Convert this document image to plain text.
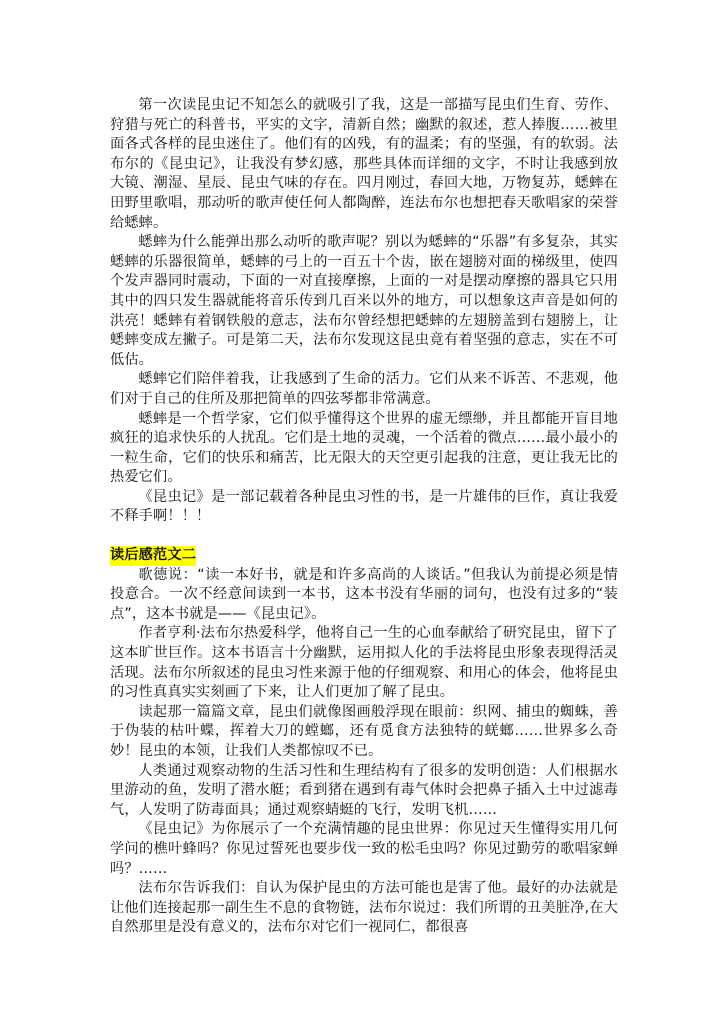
第一次读昆虫记不知怎么的就吸引了我，这是一部描写昆虫们生育、劳作、狩猎与死亡的科普书，平实的文字，清新自然；幽默的叙述，惹人捧腹……被里面各式各样的昆虫迷住了。他们有的凶残，有的温柔；有的坚强，有的软弱。法布尔的《昆虫记》，让我没有梦幻感，那些具体而详细的文字，不时让我感到放大镜、潮湿、星辰、昆虫气味的存在。四月刚过，春回大地，万物复苏，蟋蟀在田野里歌唱，那动听的歌声使任何人都陶醉，连法布尔也想把春天歌唱家的荣誉给蟋蟀。

蟋蟀为什么能弹出那么动听的歌声呢？别以为蟋蟀的“乐器”有多复杂，其实蟋蟀的乐器很简单，蟋蟀的弓上的一百五十个齿，嵌在翅膀对面的梯级里，使四个发声器同时震动，下面的一对直接摩擦，上面的一对是摆动摩擦的器具它只用其中的四只发生器就能将音乐传到几百米以外的地方，可以想象这声音是如何的洪亮！蟋蟀有着钢铁般的意志，法布尔曾经想把蟋蟀的左翅膀盖到右翅膀上，让蟋蟀变成左撇子。可是第二天，法布尔发现这昆虫竟有着坚强的意志，实在不可低估。

蟋蟀它们陪伴着我，让我感到了生命的活力。它们从来不诉苦、不悲观，他们对于自己的住所及那把简单的四弦琴都非常满意。

蟋蟀是一个哲学家，它们似乎懂得这个世界的虚无缥缈，并且都能开盲目地疯狂的追求快乐的人扰乱。它们是土地的灵魂，一个活着的微点……最小最小的一粒生命，它们的快乐和痛苦，比无限大的天空更引起我的注意，更让我无比的热爱它们。

《昆虫记》是一部记载着各种昆虫习性的书，是一片雄伟的巨作，真让我爱不释手啊！！！

读后感范文二

歌德说：“读一本好书，就是和许多高尚的人谈话。”但我认为前提必须是情投意合。一次不经意间读到一本书，这本书没有华丽的词句，也没有过多的“装点”，这本书就是——《昆虫记》。

作者亨利·法布尔热爱科学，他将自己一生的心血奉献给了研究昆虫，留下了这本旷世巨作。这本书语言十分幽默，运用拟人化的手法将昆虫形象表现得活灵活现。法布尔所叙述的昆虫习性来源于他的仔细观察、和用心的体会，他将昆虫的习性真真实实刻画了下来，让人们更加了解了昆虫。

读起那一篇篇文章，昆虫们就像图画般浮现在眼前：织网、捕虫的蜘蛛，善于伪装的枯叶蝶，挥着大刀的螳螂，还有觅食方法独特的蜣螂……世界多么奇妙！昆虫的本领，让我们人类都惊叹不已。

人类通过观察动物的生活习性和生理结构有了很多的发明创造：人们根据水里游动的鱼，发明了潜水艇；看到猪在遇到有毒气体时会把鼻子插入土中过滤毒气，人发明了防毒面具；通过观察蜻蜓的飞行，发明飞机……

《昆虫记》为你展示了一个充满情趣的昆虫世界：你见过天生懂得实用几何学问的樵叶蜂吗？你见过誓死也要步伐一致的松毛虫吗？你见过勤劳的歌唱家蝉吗？……

法布尔告诉我们：自认为保护昆虫的方法可能也是害了他。最好的办法就是让他们连接起那一副生生不息的食物链，法布尔说过：我们所谓的丑美脏净,在大自然那里是没有意义的，法布尔对它们一视同仁，都很喜
